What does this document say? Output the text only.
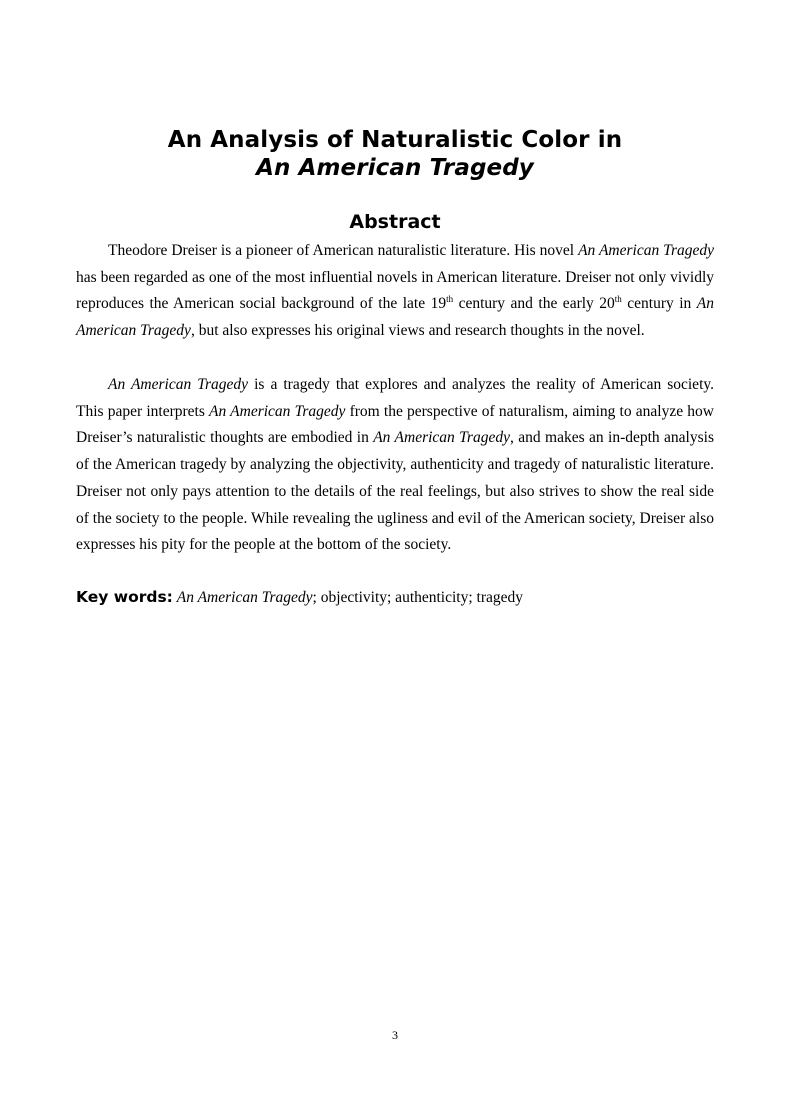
An Analysis of Naturalistic Color in
An American Tragedy
Abstract

Theodore Dreiser is a pioneer of American naturalistic literature. His novel An American Tragedy has been regarded as one of the most influential novels in American literature. Dreiser not only vividly reproduces the American social background of the late 19th century and the early 20th century in An American Tragedy, but also expresses his original views and research thoughts in the novel.

An American Tragedy is a tragedy that explores and analyzes the reality of American society. This paper interprets An American Tragedy from the perspective of naturalism, aiming to analyze how Dreiser’s naturalistic thoughts are embodied in An American Tragedy, and makes an in-depth analysis of the American tragedy by analyzing the objectivity, authenticity and tragedy of naturalistic literature. Dreiser not only pays attention to the details of the real feelings, but also strives to show the real side of the society to the people. While revealing the ugliness and evil of the American society, Dreiser also expresses his pity for the people at the bottom of the society.

Key words: An American Tragedy; objectivity; authenticity; tragedy
3
